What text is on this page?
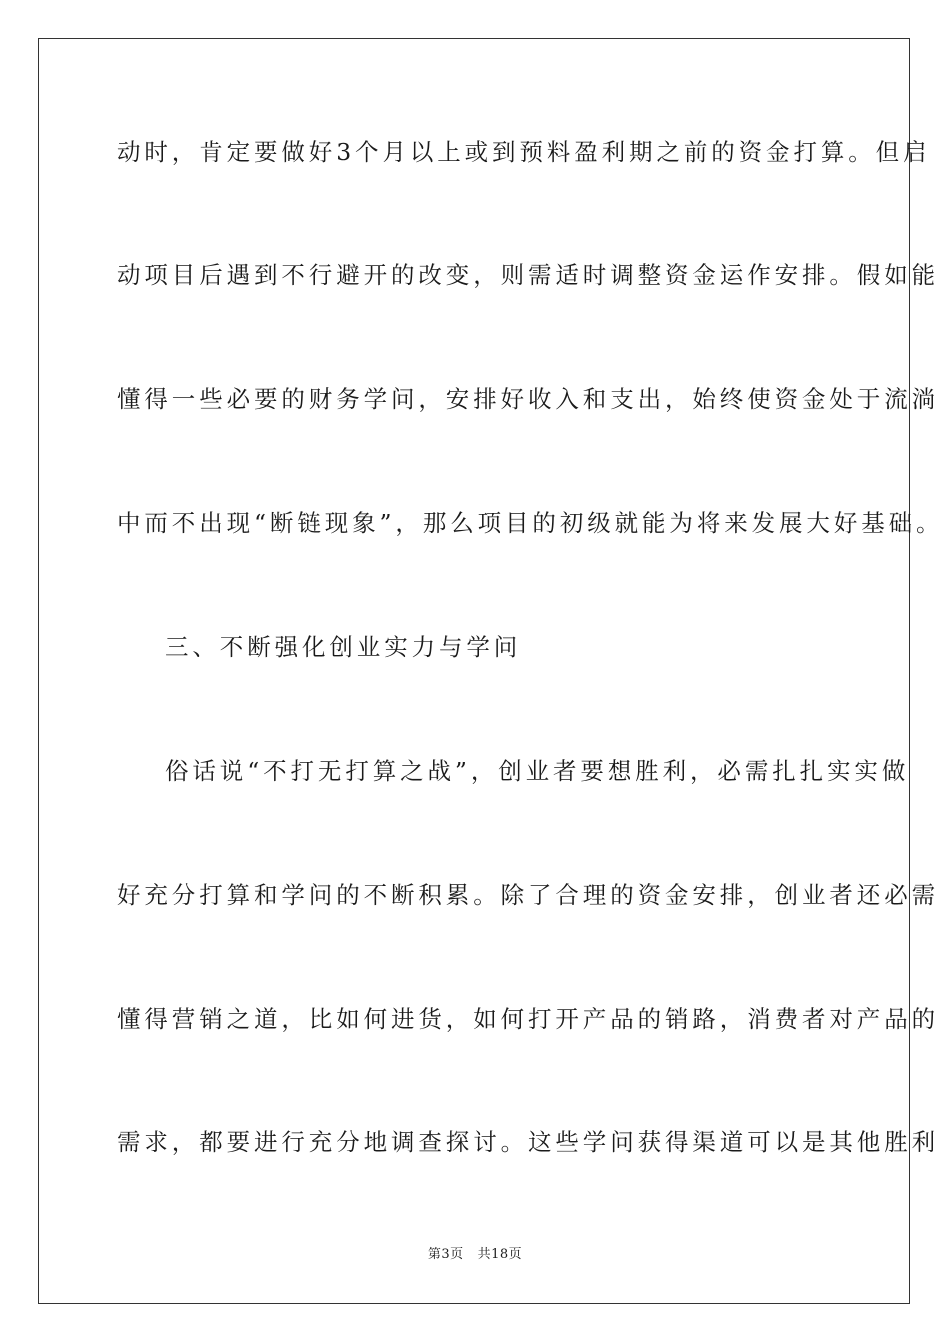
动时，肯定要做好3个月以上或到预料盈利期之前的资金打算。但启
动项目后遇到不行避开的改变，则需适时调整资金运作安排。假如能
懂得一些必要的财务学问，安排好收入和支出，始终使资金处于流淌
中而不出现“断链现象”，那么项目的初级就能为将来发展大好基础。
三、不断强化创业实力与学问
俗话说“不打无打算之战”，创业者要想胜利，必需扎扎实实做
好充分打算和学问的不断积累。除了合理的资金安排，创业者还必需
懂得营销之道，比如何进货，如何打开产品的销路，消费者对产品的
需求，都要进行充分地调查探讨。这些学问获得渠道可以是其他胜利
第3页 共18页
